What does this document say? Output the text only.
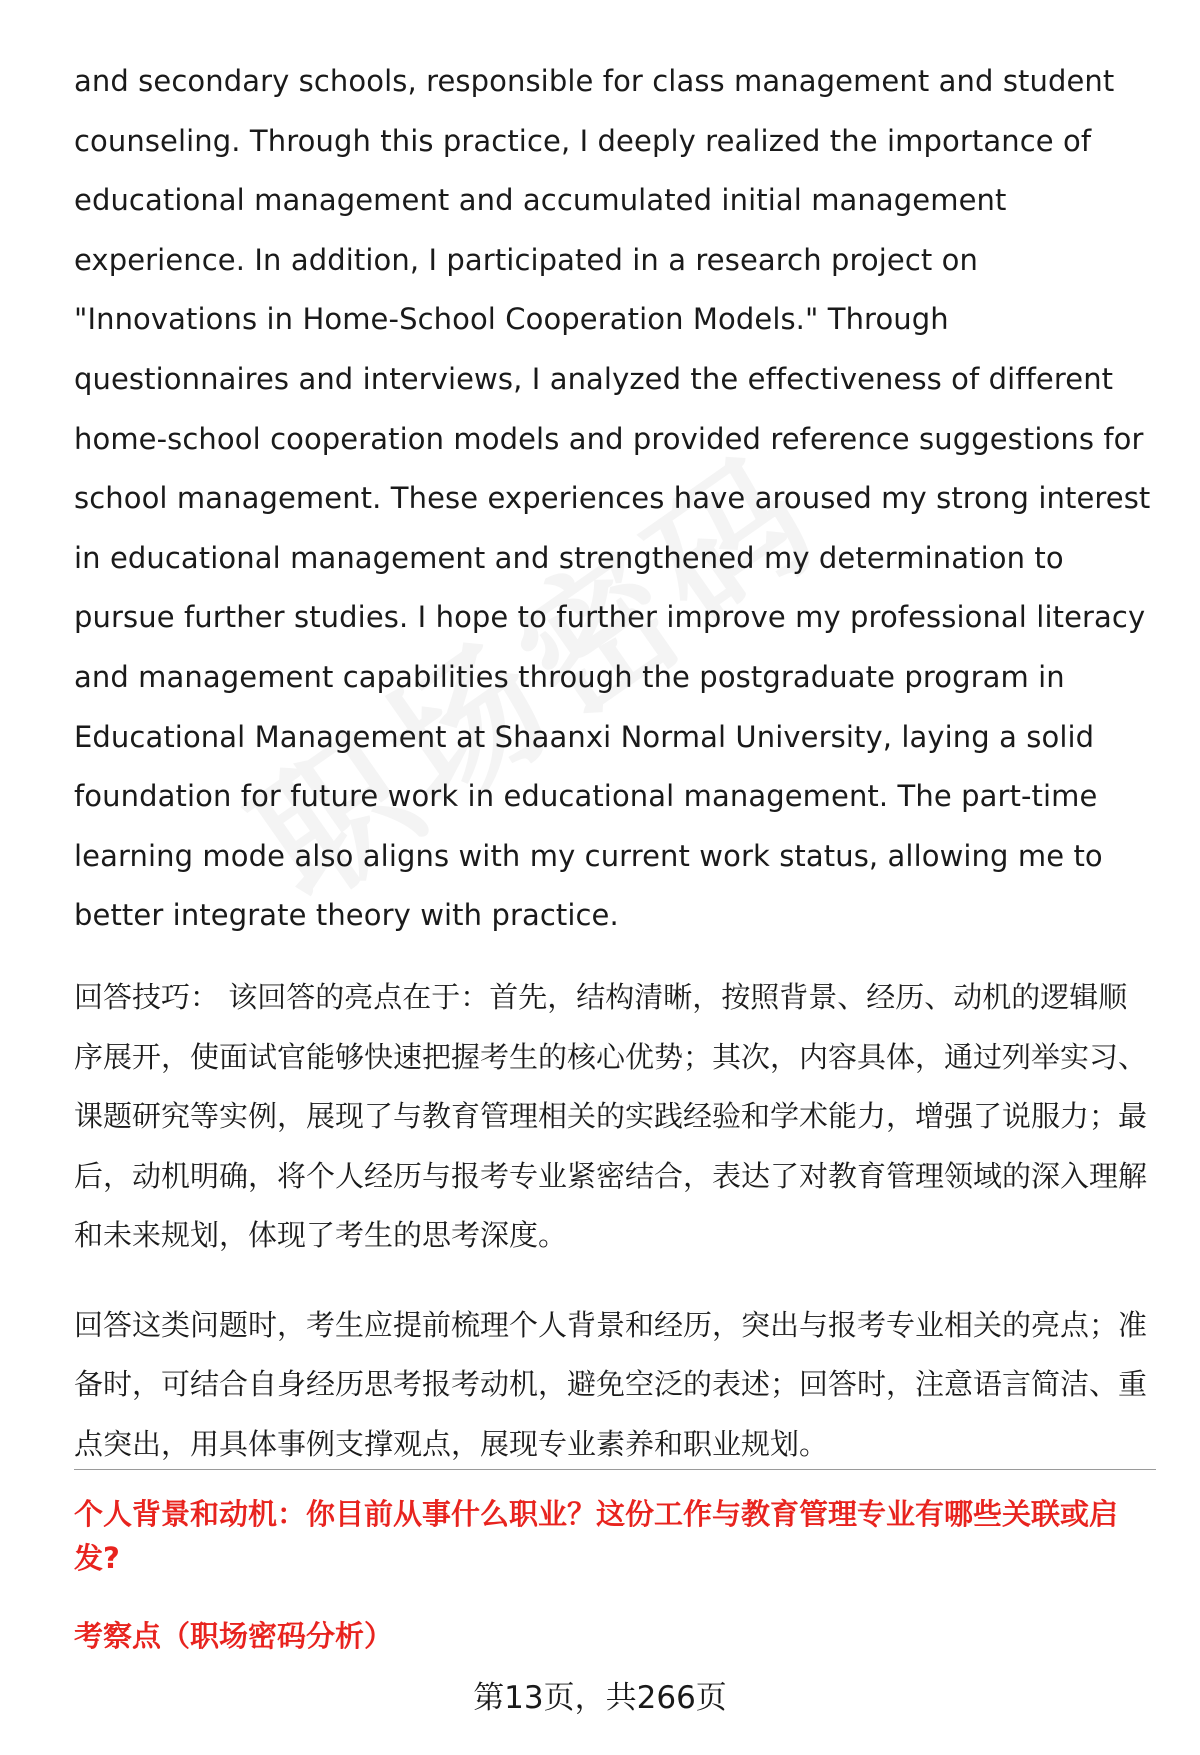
and secondary schools, responsible for class management and student counseling. Through this practice, I deeply realized the importance of educational management and accumulated initial management experience. In addition, I participated in a research project on "Innovations in Home-School Cooperation Models." Through questionnaires and interviews, I analyzed the effectiveness of different home-school cooperation models and provided reference suggestions for school management. These experiences have aroused my strong interest in educational management and strengthened my determination to pursue further studies. I hope to further improve my professional literacy and management capabilities through the postgraduate program in Educational Management at Shaanxi Normal University, laying a solid foundation for future work in educational management. The part-time learning mode also aligns with my current work status, allowing me to better integrate theory with practice.

回答技巧： 该回答的亮点在于：首先，结构清晰，按照背景、经历、动机的逻辑顺序展开，使面试官能够快速把握考生的核心优势；其次，内容具体，通过列举实习、课题研究等实例，展现了与教育管理相关的实践经验和学术能力，增强了说服力；最后，动机明确，将个人经历与报考专业紧密结合，表达了对教育管理领域的深入理解和未来规划，体现了考生的思考深度。

回答这类问题时，考生应提前梳理个人背景和经历，突出与报考专业相关的亮点；准备时，可结合自身经历思考报考动机，避免空泛的表述；回答时，注意语言简洁、重点突出，用具体事例支撑观点，展现专业素养和职业规划。

个人背景和动机：你目前从事什么职业？这份工作与教育管理专业有哪些关联或启发?

考察点（职场密码分析）

第13页，共266页
